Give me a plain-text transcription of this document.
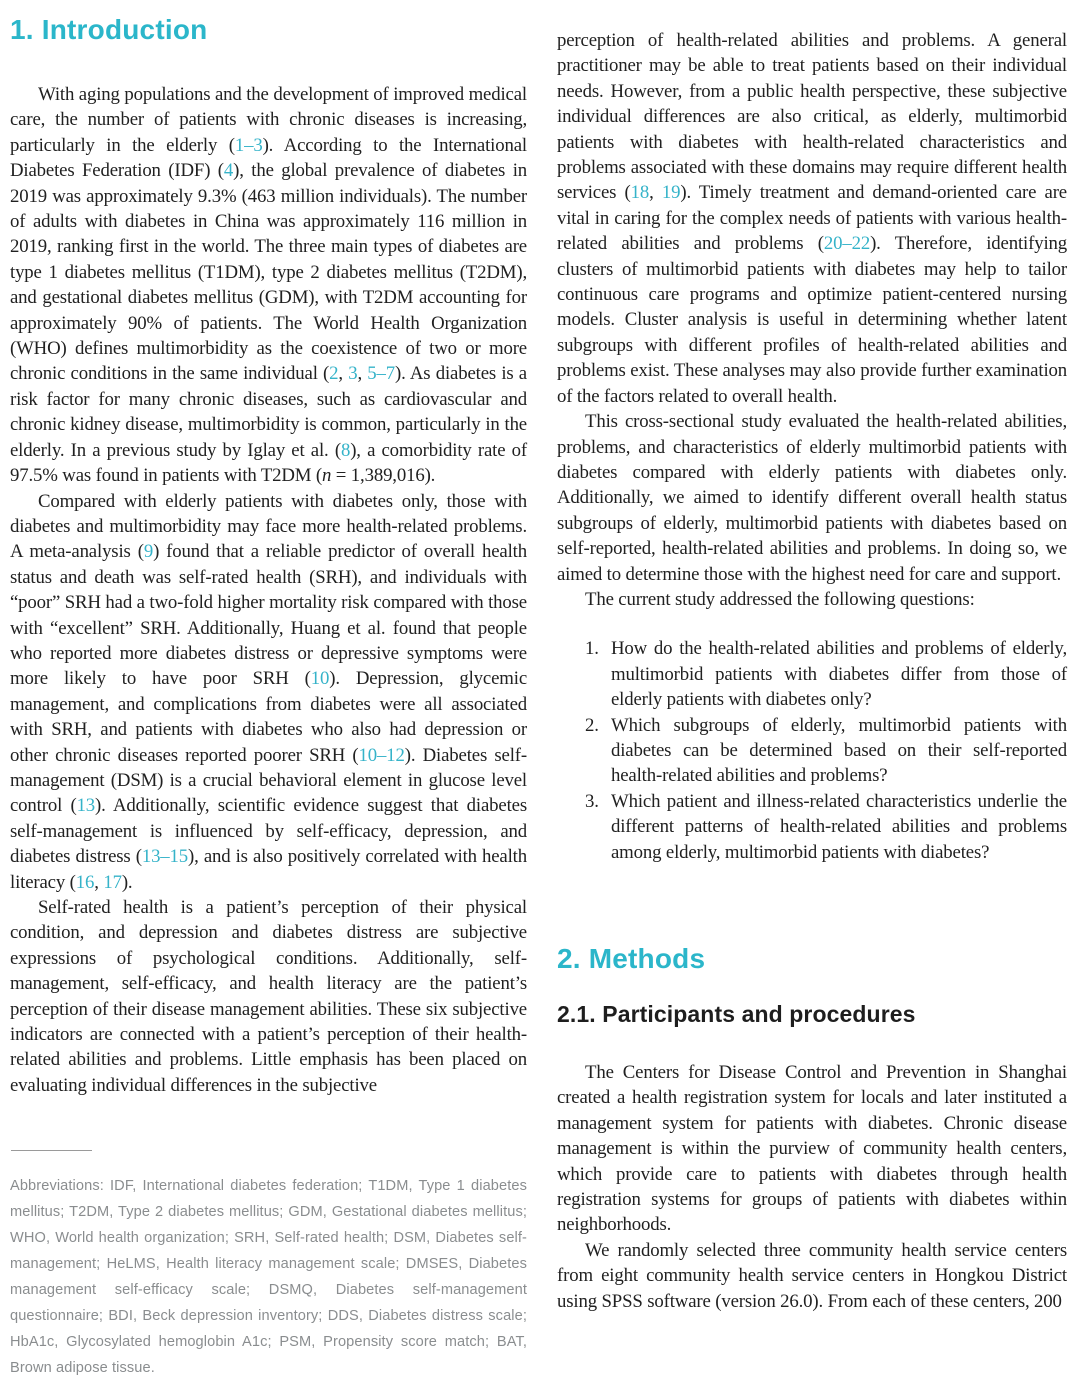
1. Introduction

With aging populations and the development of improved medical care, the number of patients with chronic diseases is increasing, particularly in the elderly (1–3). According to the International Diabetes Federation (IDF) (4), the global prevalence of diabetes in 2019 was approximately 9.3% (463 million individuals). The number of adults with diabetes in China was approximately 116 million in 2019, ranking first in the world. The three main types of diabetes are type 1 diabetes mellitus (T1DM), type 2 diabetes mellitus (T2DM), and gestational diabetes mellitus (GDM), with T2DM accounting for approximately 90% of patients. The World Health Organization (WHO) defines multimorbidity as the coexistence of two or more chronic conditions in the same individual (2, 3, 5–7). As diabetes is a risk factor for many chronic diseases, such as cardiovascular and chronic kidney disease, multimorbidity is common, particularly in the elderly. In a previous study by Iglay et al. (8), a comorbidity rate of 97.5% was found in patients with T2DM (n = 1,389,016).

Compared with elderly patients with diabetes only, those with diabetes and multimorbidity may face more health-related problems. A meta-analysis (9) found that a reliable predictor of overall health status and death was self-rated health (SRH), and individuals with “poor” SRH had a two-fold higher mortality risk compared with those with “excellent” SRH. Additionally, Huang et al. found that people who reported more diabetes distress or depressive symptoms were more likely to have poor SRH (10). Depression, glycemic management, and complications from diabetes were all associated with SRH, and patients with diabetes who also had depression or other chronic diseases reported poorer SRH (10–12). Diabetes self-management (DSM) is a crucial behavioral element in glucose level control (13). Additionally, scientific evidence suggest that diabetes self-management is influenced by self-efficacy, depression, and diabetes distress (13–15), and is also positively correlated with health literacy (16, 17).

Self-rated health is a patient’s perception of their physical condition, and depression and diabetes distress are subjective expressions of psychological conditions. Additionally, self-management, self-efficacy, and health literacy are the patient’s perception of their disease management abilities. These six subjective indicators are connected with a patient’s perception of their health-related abilities and problems. Little emphasis has been placed on evaluating individual differences in the subjective

Abbreviations: IDF, International diabetes federation; T1DM, Type 1 diabetes mellitus; T2DM, Type 2 diabetes mellitus; GDM, Gestational diabetes mellitus; WHO, World health organization; SRH, Self-rated health; DSM, Diabetes self-management; HeLMS, Health literacy management scale; DMSES, Diabetes management self-efficacy scale; DSMQ, Diabetes self-management questionnaire; BDI, Beck depression inventory; DDS, Diabetes distress scale; HbA1c, Glycosylated hemoglobin A1c; PSM, Propensity score match; BAT, Brown adipose tissue.

perception of health-related abilities and problems. A general practitioner may be able to treat patients based on their individual needs. However, from a public health perspective, these subjective individual differences are also critical, as elderly, multimorbid patients with diabetes with health-related characteristics and problems associated with these domains may require different health services (18, 19). Timely treatment and demand-oriented care are vital in caring for the complex needs of patients with various health-related abilities and problems (20–22). Therefore, identifying clusters of multimorbid patients with diabetes may help to tailor continuous care programs and optimize patient-centered nursing models. Cluster analysis is useful in determining whether latent subgroups with different profiles of health-related abilities and problems exist. These analyses may also provide further examination of the factors related to overall health.

This cross-sectional study evaluated the health-related abilities, problems, and characteristics of elderly multimorbid patients with diabetes compared with elderly patients with diabetes only. Additionally, we aimed to identify different overall health status subgroups of elderly, multimorbid patients with diabetes based on self-reported, health-related abilities and problems. In doing so, we aimed to determine those with the highest need for care and support.

The current study addressed the following questions:

1. How do the health-related abilities and problems of elderly, multimorbid patients with diabetes differ from those of elderly patients with diabetes only?
2. Which subgroups of elderly, multimorbid patients with diabetes can be determined based on their self-reported health-related abilities and problems?
3. Which patient and illness-related characteristics underlie the different patterns of health-related abilities and problems among elderly, multimorbid patients with diabetes?
2. Methods
2.1. Participants and procedures

The Centers for Disease Control and Prevention in Shanghai created a health registration system for locals and later instituted a management system for patients with diabetes. Chronic disease management is within the purview of community health centers, which provide care to patients with diabetes through health registration systems for groups of patients with diabetes within neighborhoods.

We randomly selected three community health service centers from eight community health service centers in Hongkou District using SPSS software (version 26.0). From each of these centers, 200
